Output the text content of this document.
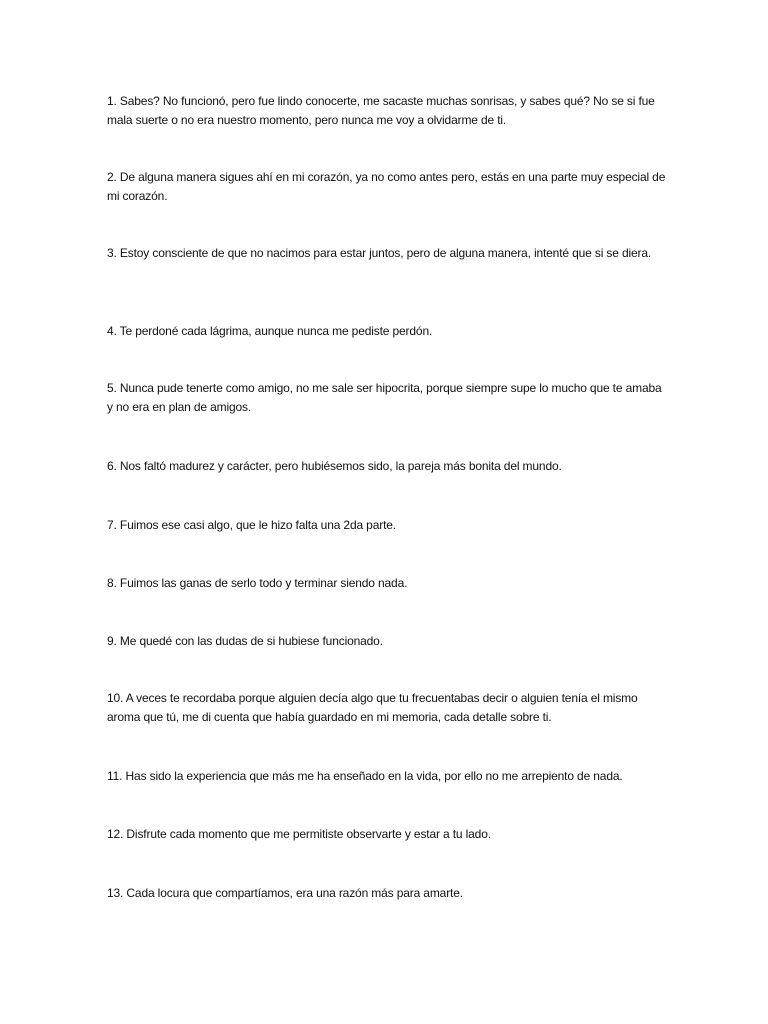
1. Sabes? No funcionó, pero fue lindo conocerte, me sacaste muchas sonrisas, y sabes qué? No se si fue mala suerte o no era nuestro momento, pero nunca me voy a olvidarme de ti.

2. De alguna manera sigues ahí en mi corazón, ya no como antes pero, estás en una parte muy especial de mi corazón.

3. Estoy consciente de que no nacimos para estar juntos, pero de alguna manera, intenté que si se diera.

4. Te perdoné cada lágrima, aunque nunca me pediste perdón.

5. Nunca pude tenerte como amigo, no me sale ser hipocrita, porque siempre supe lo mucho que te amaba y no era en plan de amigos.

6. Nos faltó madurez y carácter, pero hubiésemos sido, la pareja más bonita del mundo.

7. Fuimos ese casi algo, que le hizo falta una 2da parte.

8. Fuimos las ganas de serlo todo y terminar siendo nada.

9. Me quedé con las dudas de si hubiese funcionado.

10. A veces te recordaba porque alguien decía algo que tu frecuentabas decir o alguien tenía el mismo aroma que tú, me di cuenta que había guardado en mi memoria, cada detalle sobre ti.

11. Has sido la experiencia que más me ha enseñado en la vida, por ello no me arrepiento de nada.

12. Disfrute cada momento que me permitiste observarte y estar a tu lado.

13. Cada locura que compartíamos, era una razón más para amarte.
